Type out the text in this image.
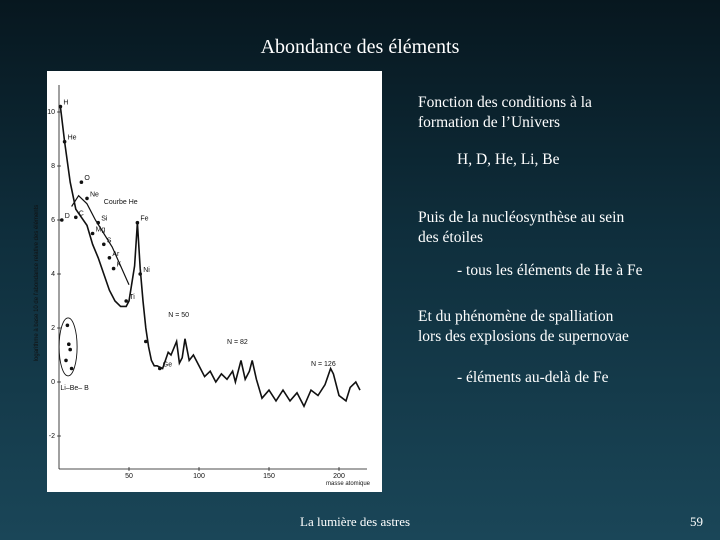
Abondance des éléments
10
8
6
4
2
0
-2
50	100	150	200
H
He
O
Ne
D C
Si
Mg
S
Fe
Ar
K
Ni
Ti
Ge
Courbe He
N = 50
N = 82
N = 126
Li–Be– B
logarithme à base 10 de l'abondance relative des éléments
masse atomique
Fonction des conditions à la
formation de l’Univers
H, D, He, Li, Be
Puis de la nucléosynthèse au sein
des étoiles
- tous les éléments de He à Fe
Et du phénomène de spalliation
lors des explosions de supernovae
- éléments au-delà de Fe
La lumière des astres	59
